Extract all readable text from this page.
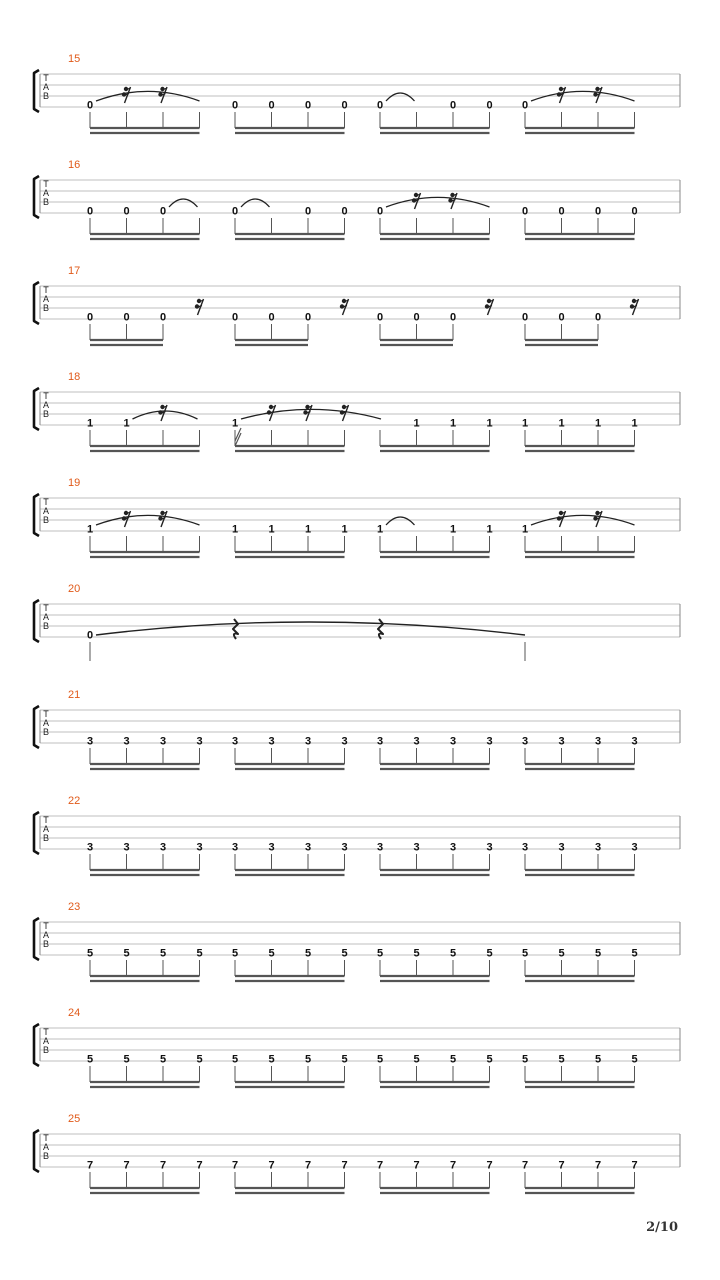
15
T
A
B
0	0	0	0	0	0	0	0	0
16
T
A
B
0	0	0	0	0	0	0	0	0	0	0
17
T
A
B
0	0	0	0	0	0	0	0	0	0	0	0
18
T
A
B
1	1	1	1	1	1	1	1	1	1
19
T
A
B
1	1	1	1	1	1	1	1	1
20
T
A
B
0
21
T
A
B
3	3	3	3	3	3	3	3	3	3	3	3	3	3	3	3
22
T
A
B
3	3	3	3	3	3	3	3	3	3	3	3	3	3	3	3
23
T
A
B
5	5	5	5	5	5	5	5	5	5	5	5	5	5	5	5
24
T
A
B
5	5	5	5	5	5	5	5	5	5	5	5	5	5	5	5
25
T
A
B
7	7	7	7	7	7	7	7	7	7	7	7	7	7	7	7
2/10
